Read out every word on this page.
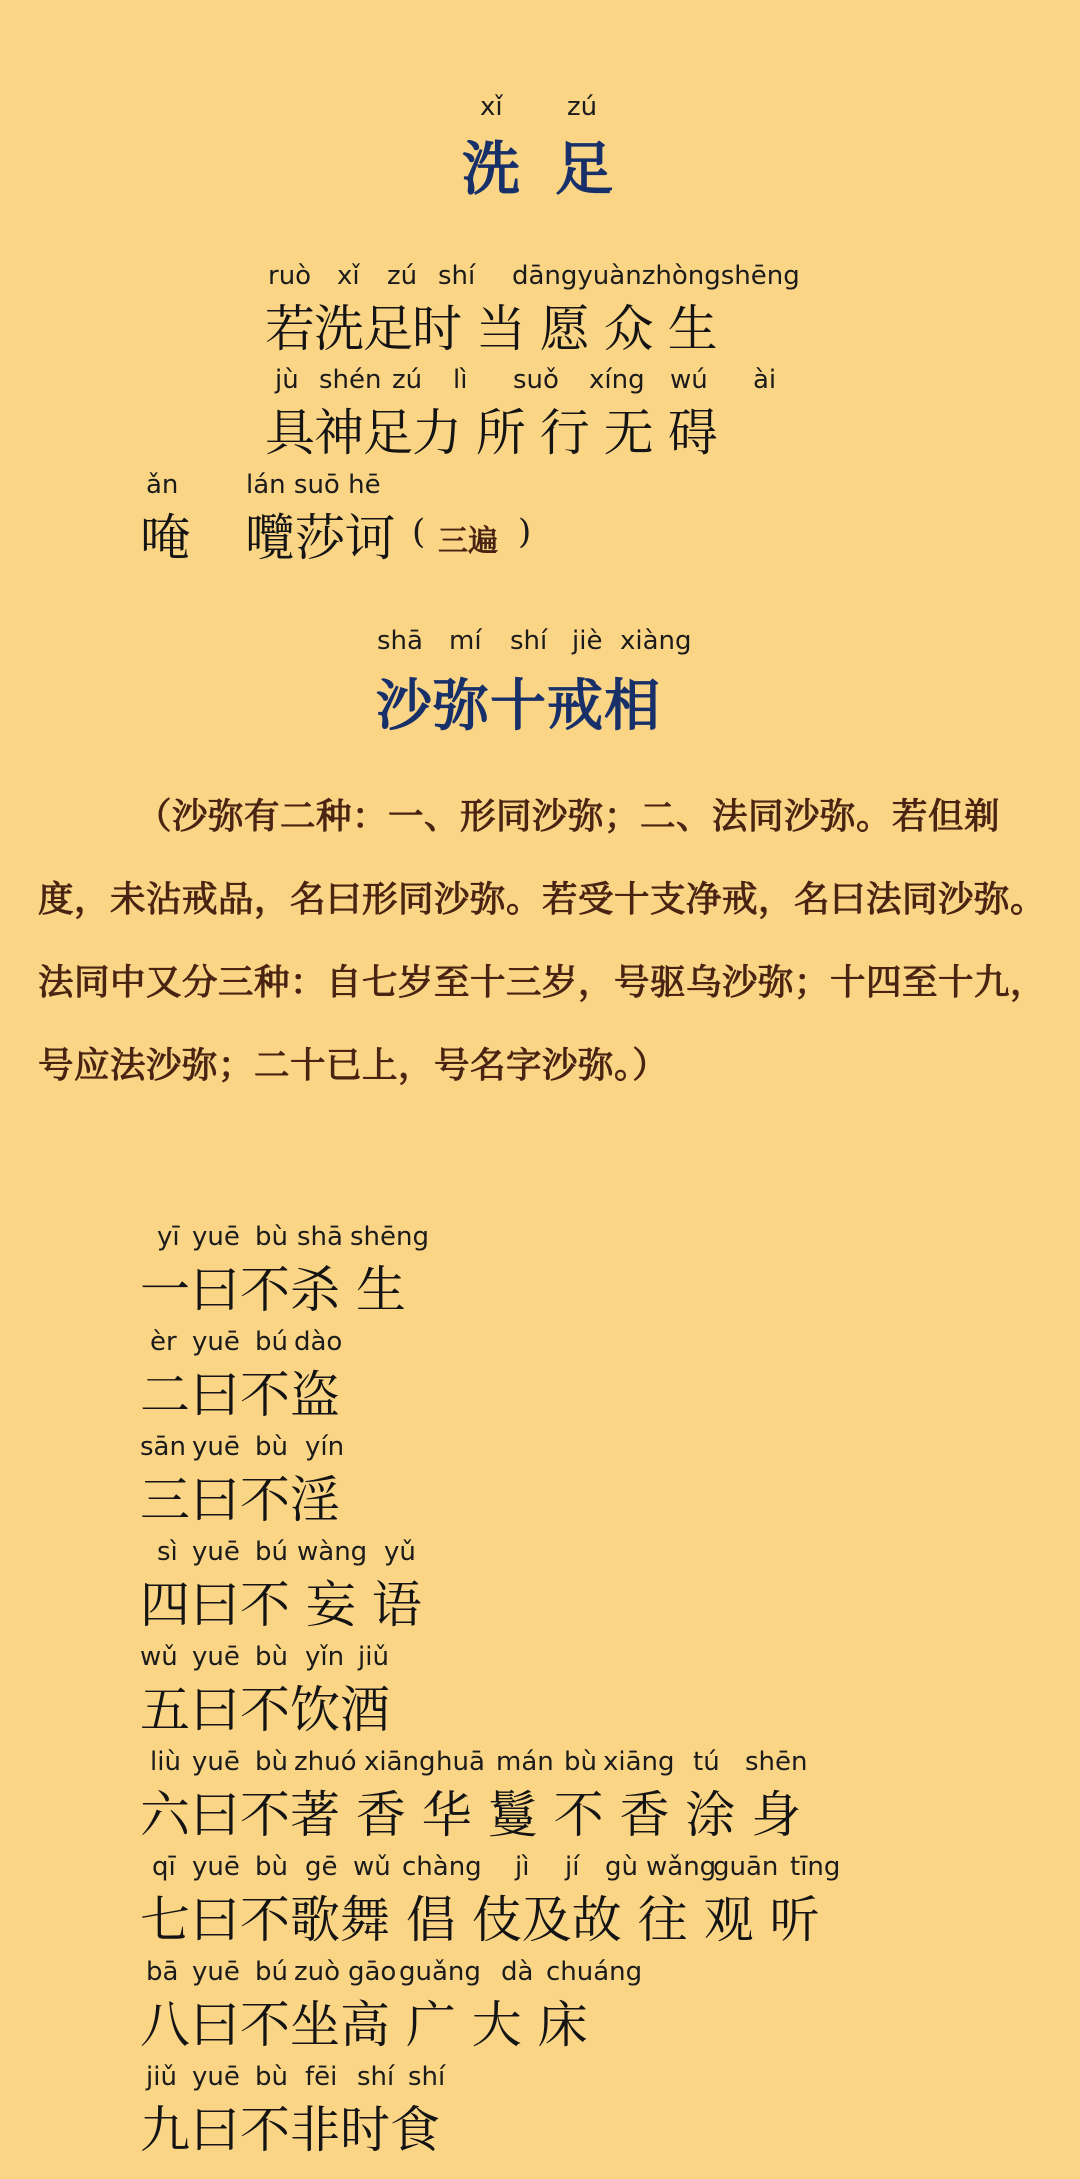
xǐ zú
洗 足
ruò xǐ zú shí dāngyuànzhòngshēng
若洗足时 当 愿 众 生
jù shén zú lì suǒ xíng wú ài
具神足力 所 行 无 碍
ǎn	lán suō hē
唵 囕莎诃 ( 三遍 )
shā mí shí jiè xiàng
沙弥十戒相
（沙弥有二种：一、形同沙弥；二、法同沙弥。若但剃度，未沾戒品，名曰形同沙弥。若受十支净戒，名曰法同沙弥。法同中又分三种：自七岁至十三岁，号驱乌沙弥；十四至十九，号应法沙弥；二十已上，号名字沙弥。）
yī yuē bù shā shēng
一曰不杀 生
èr yuē bú dào
二曰不盗
sān yuē bù yín
三曰不淫
sì yuē bú wàng yǔ
四曰不 妄 语
wǔ yuē bù yǐn jiǔ
五曰不饮酒
liù yuē bù zhuó xiāng huā mán bù xiāng tú shēn
六曰不著 香 华 鬘 不 香 涂 身
qī yuē bù gē wǔ chàng jì jí gù wǎng
guān tīng
七曰不歌舞 倡 伎及故 往 观 听
bā yuē bú zuò gāo guǎng dà chuáng
八曰不坐高 广 大 床
jiǔ yuē bù fēi shí shí
九曰不非时食
